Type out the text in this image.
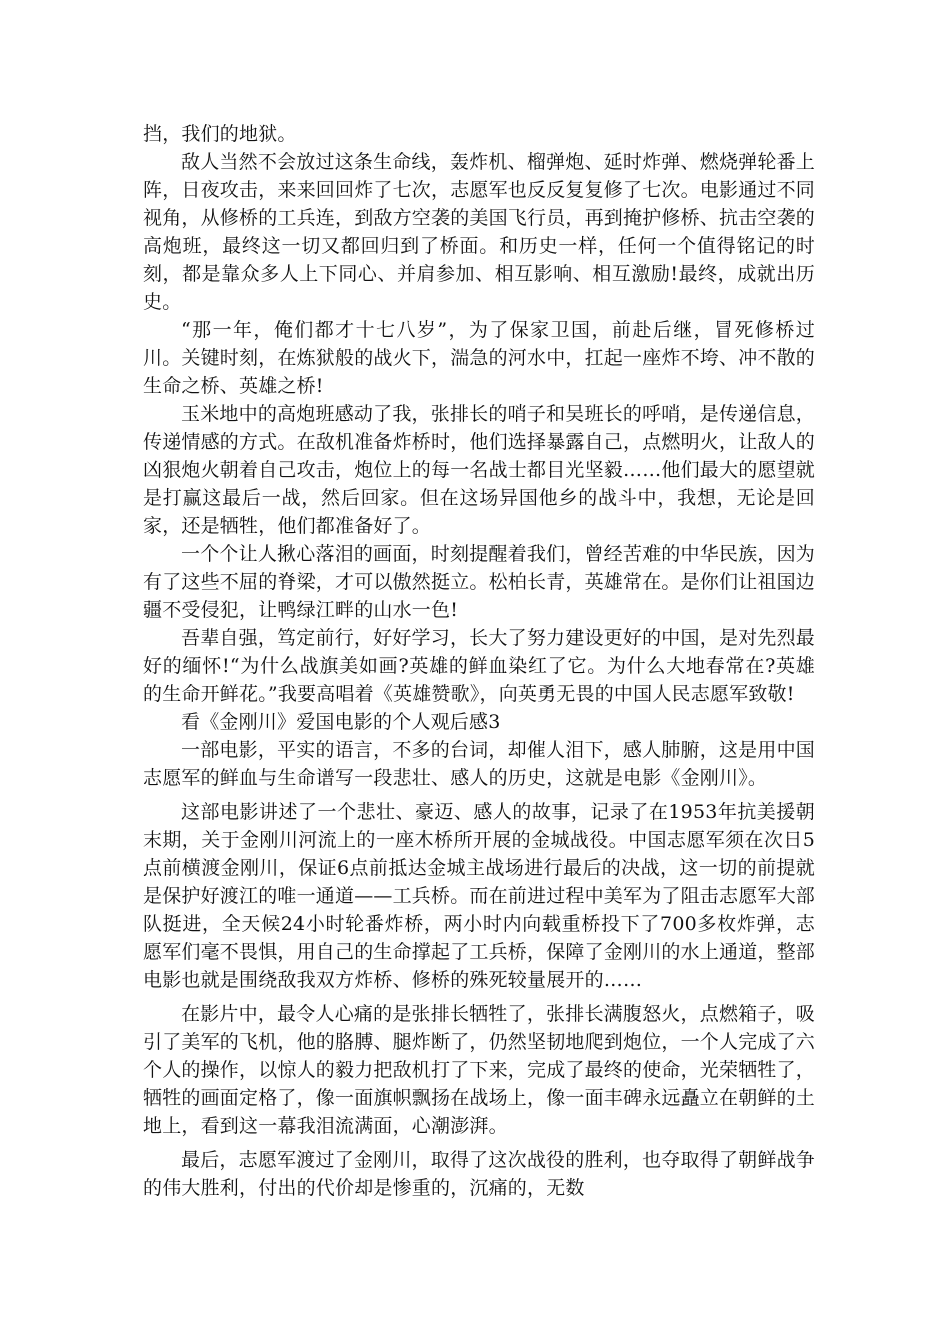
挡，我们的地狱。

敌人当然不会放过这条生命线，轰炸机、榴弹炮、延时炸弹、燃烧弹轮番上阵，日夜攻击，来来回回炸了七次，志愿军也反反复复修了七次。电影通过不同视角，从修桥的工兵连，到敌方空袭的美国飞行员，再到掩护修桥、抗击空袭的高炮班，最终这一切又都回归到了桥面。和历史一样，任何一个值得铭记的时刻，都是靠众多人上下同心、并肩参加、相互影响、相互激励!最终，成就出历史。

“那一年，俺们都才十七八岁”，为了保家卫国，前赴后继，冒死修桥过川。关键时刻，在炼狱般的战火下，湍急的河水中，扛起一座炸不垮、冲不散的生命之桥、英雄之桥!

玉米地中的高炮班感动了我，张排长的哨子和吴班长的呼哨，是传递信息，传递情感的方式。在敌机准备炸桥时，他们选择暴露自己，点燃明火，让敌人的凶狠炮火朝着自己攻击，炮位上的每一名战士都目光坚毅……他们最大的愿望就是打赢这最后一战，然后回家。但在这场异国他乡的战斗中，我想，无论是回家，还是牺牲，他们都准备好了。

一个个让人揪心落泪的画面，时刻提醒着我们，曾经苦难的中华民族，因为有了这些不屈的脊梁，才可以傲然挺立。松柏长青，英雄常在。是你们让祖国边疆不受侵犯，让鸭绿江畔的山水一色!

吾辈自强，笃定前行，好好学习，长大了努力建设更好的中国，是对先烈最好的缅怀!“为什么战旗美如画?英雄的鲜血染红了它。为什么大地春常在?英雄的生命开鲜花。”我要高唱着《英雄赞歌》，向英勇无畏的中国人民志愿军致敬!

看《金刚川》爱国电影的个人观后感3

一部电影，平实的语言，不多的台词，却催人泪下，感人肺腑，这是用中国志愿军的鲜血与生命谱写一段悲壮、感人的历史，这就是电影《金刚川》。

这部电影讲述了一个悲壮、豪迈、感人的故事，记录了在1953年抗美援朝末期，关于金刚川河流上的一座木桥所开展的金城战役。中国志愿军须在次日5点前横渡金刚川，保证6点前抵达金城主战场进行最后的决战，这一切的前提就是保护好渡江的唯一通道——工兵桥。而在前进过程中美军为了阻击志愿军大部队挺进，全天候24小时轮番炸桥，两小时内向载重桥投下了700多枚炸弹，志愿军们毫不畏惧，用自己的生命撑起了工兵桥，保障了金刚川的水上通道，整部电影也就是围绕敌我双方炸桥、修桥的殊死较量展开的……

在影片中，最令人心痛的是张排长牺牲了，张排长满腹怒火，点燃箱子，吸引了美军的飞机，他的胳膊、腿炸断了，仍然坚韧地爬到炮位，一个人完成了六个人的操作，以惊人的毅力把敌机打了下来，完成了最终的使命，光荣牺牲了，牺牲的画面定格了，像一面旗帜飘扬在战场上，像一面丰碑永远矗立在朝鲜的土地上，看到这一幕我泪流满面，心潮澎湃。

最后，志愿军渡过了金刚川，取得了这次战役的胜利，也夺取得了朝鲜战争的伟大胜利，付出的代价却是惨重的，沉痛的，无数
